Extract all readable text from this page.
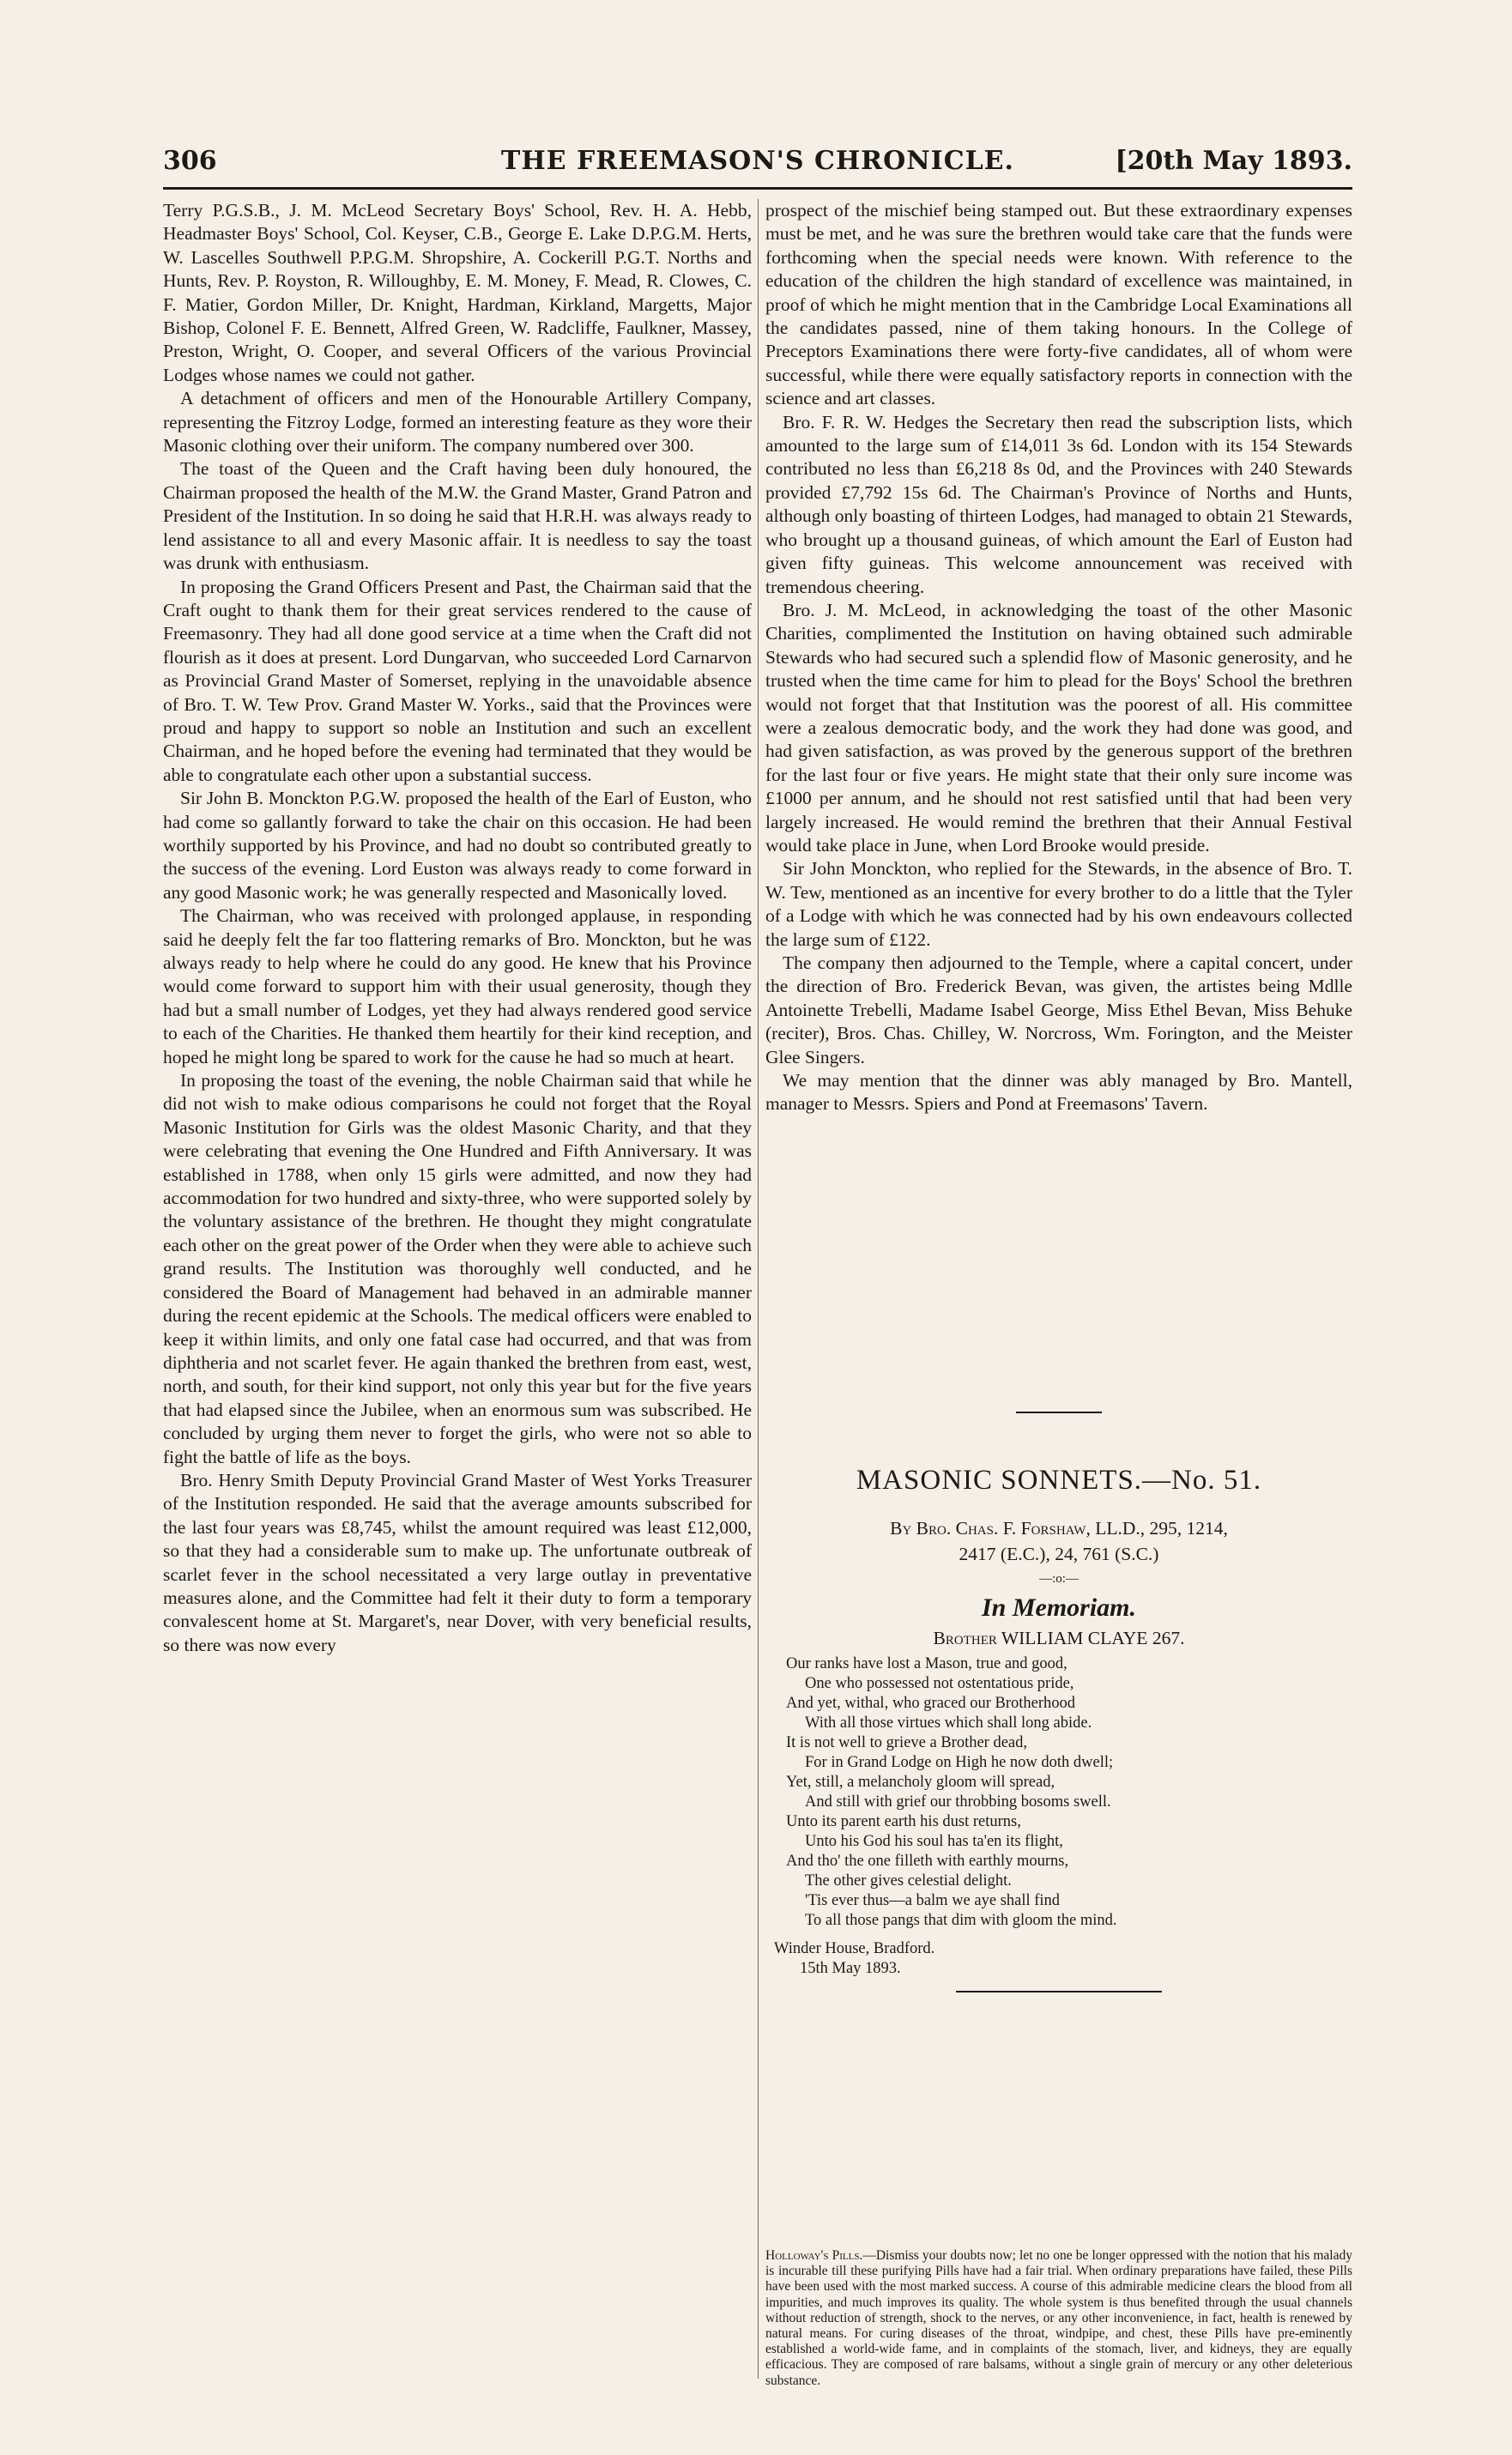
306	THE FREEMASON'S CHRONICLE.	[20th May 1893.

Terry P.G.S.B., J. M. McLeod Secretary Boys' School, Rev. H. A. Hebb, Headmaster Boys' School, Col. Keyser, C.B., George E. Lake D.P.G.M. Herts, W. Lascelles Southwell P.P.G.M. Shropshire, A. Cockerill P.G.T. Norths and Hunts, Rev. P. Royston, R. Willoughby, E. M. Money, F. Mead, R. Clowes, C. F. Matier, Gordon Miller, Dr. Knight, Hardman, Kirkland, Margetts, Major Bishop, Colonel F. E. Bennett, Alfred Green, W. Radcliffe, Faulkner, Massey, Preston, Wright, O. Cooper, and several Officers of the various Provincial Lodges whose names we could not gather.

A detachment of officers and men of the Honourable Artillery Company, representing the Fitzroy Lodge, formed an interesting feature as they wore their Masonic clothing over their uniform. The company numbered over 300.

The toast of the Queen and the Craft having been duly honoured, the Chairman proposed the health of the M.W. the Grand Master, Grand Patron and President of the Institution. In so doing he said that H.R.H. was always ready to lend assistance to all and every Masonic affair. It is needless to say the toast was drunk with enthusiasm.

In proposing the Grand Officers Present and Past, the Chairman said that the Craft ought to thank them for their great services rendered to the cause of Freemasonry. They had all done good service at a time when the Craft did not flourish as it does at present. Lord Dungarvan, who succeeded Lord Carnarvon as Provincial Grand Master of Somerset, replying in the unavoidable absence of Bro. T. W. Tew Prov. Grand Master W. Yorks., said that the Provinces were proud and happy to support so noble an Institution and such an excellent Chairman, and he hoped before the evening had terminated that they would be able to congratulate each other upon a substantial success.

Sir John B. Monckton P.G.W. proposed the health of the Earl of Euston, who had come so gallantly forward to take the chair on this occasion. He had been worthily supported by his Province, and had no doubt so contributed greatly to the success of the evening. Lord Euston was always ready to come forward in any good Masonic work; he was generally respected and Masonically loved.

The Chairman, who was received with prolonged applause, in responding said he deeply felt the far too flattering remarks of Bro. Monckton, but he was always ready to help where he could do any good. He knew that his Province would come forward to support him with their usual generosity, though they had but a small number of Lodges, yet they had always rendered good service to each of the Charities. He thanked them heartily for their kind reception, and hoped he might long be spared to work for the cause he had so much at heart.

In proposing the toast of the evening, the noble Chairman said that while he did not wish to make odious comparisons he could not forget that the Royal Masonic Institution for Girls was the oldest Masonic Charity, and that they were celebrating that evening the One Hundred and Fifth Anniversary. It was established in 1788, when only 15 girls were admitted, and now they had accommodation for two hundred and sixty-three, who were supported solely by the voluntary assistance of the brethren. He thought they might congratulate each other on the great power of the Order when they were able to achieve such grand results. The Institution was thoroughly well conducted, and he considered the Board of Management had behaved in an admirable manner during the recent epidemic at the Schools. The medical officers were enabled to keep it within limits, and only one fatal case had occurred, and that was from diphtheria and not scarlet fever. He again thanked the brethren from east, west, north, and south, for their kind support, not only this year but for the five years that had elapsed since the Jubilee, when an enormous sum was subscribed. He concluded by urging them never to forget the girls, who were not so able to fight the battle of life as the boys.

Bro. Henry Smith Deputy Provincial Grand Master of West Yorks Treasurer of the Institution responded. He said that the average amounts subscribed for the last four years was £8,745, whilst the amount required was least £12,000, so that they had a considerable sum to make up. The unfortunate outbreak of scarlet fever in the school necessitated a very large outlay in preventative measures alone, and the Committee had felt it their duty to form a temporary convalescent home at St. Margaret's, near Dover, with very beneficial results, so there was now every

prospect of the mischief being stamped out. But these extraordinary expenses must be met, and he was sure the brethren would take care that the funds were forthcoming when the special needs were known. With reference to the education of the children the high standard of excellence was maintained, in proof of which he might mention that in the Cambridge Local Examinations all the candidates passed, nine of them taking honours. In the College of Preceptors Examinations there were forty-five candidates, all of whom were successful, while there were equally satisfactory reports in connection with the science and art classes.

Bro. F. R. W. Hedges the Secretary then read the subscription lists, which amounted to the large sum of £14,011 3s 6d. London with its 154 Stewards contributed no less than £6,218 8s 0d, and the Provinces with 240 Stewards provided £7,792 15s 6d. The Chairman's Province of Norths and Hunts, although only boasting of thirteen Lodges, had managed to obtain 21 Stewards, who brought up a thousand guineas, of which amount the Earl of Euston had given fifty guineas. This welcome announcement was received with tremendous cheering.

Bro. J. M. McLeod, in acknowledging the toast of the other Masonic Charities, complimented the Institution on having obtained such admirable Stewards who had secured such a splendid flow of Masonic generosity, and he trusted when the time came for him to plead for the Boys' School the brethren would not forget that that Institution was the poorest of all. His committee were a zealous democratic body, and the work they had done was good, and had given satisfaction, as was proved by the generous support of the brethren for the last four or five years. He might state that their only sure income was £1000 per annum, and he should not rest satisfied until that had been very largely increased. He would remind the brethren that their Annual Festival would take place in June, when Lord Brooke would preside.

Sir John Monckton, who replied for the Stewards, in the absence of Bro. T. W. Tew, mentioned as an incentive for every brother to do a little that the Tyler of a Lodge with which he was connected had by his own endeavours collected the large sum of £122.

The company then adjourned to the Temple, where a capital concert, under the direction of Bro. Frederick Bevan, was given, the artistes being Mdlle Antoinette Trebelli, Madame Isabel George, Miss Ethel Bevan, Miss Behuke (reciter), Bros. Chas. Chilley, W. Norcross, Wm. Forington, and the Meister Glee Singers.

We may mention that the dinner was ably managed by Bro. Mantell, manager to Messrs. Spiers and Pond at Freemasons' Tavern.

MASONIC SONNETS.—No. 51.
By Bro. Chas. F. Forshaw, LL.D., 295, 1214,
2417 (E.C.), 24, 761 (S.C.)
—:o:—
In Memoriam.
Brother WILLIAM CLAYE 267.
Our ranks have lost a Mason, true and good,
One who possessed not ostentatious pride,
And yet, withal, who graced our Brotherhood
With all those virtues which shall long abide.
It is not well to grieve a Brother dead,
For in Grand Lodge on High he now doth dwell;
Yet, still, a melancholy gloom will spread,
And still with grief our throbbing bosoms swell.
Unto its parent earth his dust returns,
Unto his God his soul has ta'en its flight,
And tho' the one filleth with earthly mourns,
The other gives celestial delight.
'Tis ever thus—a balm we aye shall find
To all those pangs that dim with gloom the mind.
Winder House, Bradford.
15th May 1893.
Holloway's Pills.—Dismiss your doubts now; let no one be longer oppressed with the notion that his malady is incurable till these purifying Pills have had a fair trial. When ordinary preparations have failed, these Pills have been used with the most marked success. A course of this admirable medicine clears the blood from all impurities, and much improves its quality. The whole system is thus benefited through the usual channels without reduction of strength, shock to the nerves, or any other inconvenience, in fact, health is renewed by natural means. For curing diseases of the throat, windpipe, and chest, these Pills have pre-eminently established a world-wide fame, and in complaints of the stomach, liver, and kidneys, they are equally efficacious. They are composed of rare balsams, without a single grain of mercury or any other deleterious substance.
